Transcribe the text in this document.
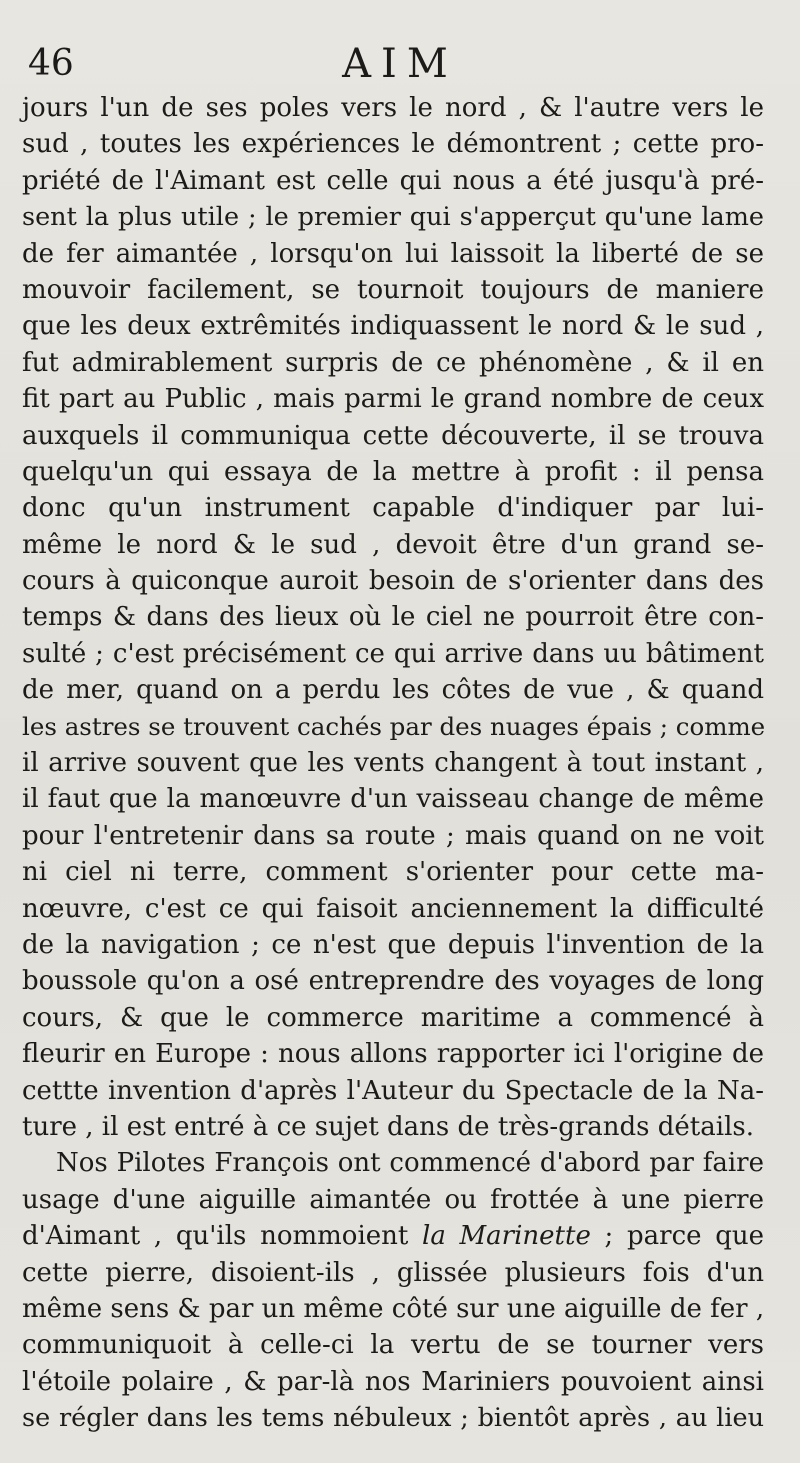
46	AIM
jours l'un de ses poles vers le nord , & l'autre vers le
sud , toutes les expériences le démontrent ; cette pro-
priété de l'Aimant est celle qui nous a été jusqu'à pré-
sent la plus utile ; le premier qui s'apperçut qu'une lame
de fer aimantée , lorsqu'on lui laissoit la liberté de se
mouvoir facilement, se tournoit toujours de maniere
que les deux extrêmités indiquassent le nord & le sud ,
fut admirablement surpris de ce phénomène , & il en
fit part au Public , mais parmi le grand nombre de ceux
auxquels il communiqua cette découverte, il se trouva
quelqu'un qui essaya de la mettre à profit : il pensa
donc qu'un instrument capable d'indiquer par lui-
même le nord & le sud , devoit être d'un grand se-
cours à quiconque auroit besoin de s'orienter dans des
temps & dans des lieux où le ciel ne pourroit être con-
sulté ; c'est précisément ce qui arrive dans uu bâtiment
de mer, quand on a perdu les côtes de vue , & quand
les astres se trouvent cachés par des nuages épais ; comme
il arrive souvent que les vents changent à tout instant ,
il faut que la manœuvre d'un vaisseau change de même
pour l'entretenir dans sa route ; mais quand on ne voit
ni ciel ni terre, comment s'orienter pour cette ma-
nœuvre, c'est ce qui faisoit anciennement la difficulté
de la navigation ; ce n'est que depuis l'invention de la
boussole qu'on a osé entreprendre des voyages de long
cours, & que le commerce maritime a commencé à
fleurir en Europe : nous allons rapporter ici l'origine de
cettte invention d'après l'Auteur du Spectacle de la Na-
ture , il est entré à ce sujet dans de très-grands détails.
Nos Pilotes François ont commencé d'abord par faire
usage d'une aiguille aimantée ou frottée à une pierre
d'Aimant , qu'ils nommoient la Marinette ; parce que
cette pierre, disoient-ils , glissée plusieurs fois d'un
même sens & par un même côté sur une aiguille de fer ,
communiquoit à celle-ci la vertu de se tourner vers
l'étoile polaire , & par-là nos Mariniers pouvoient ainsi
se régler dans les tems nébuleux ; bientôt après , au lieu
